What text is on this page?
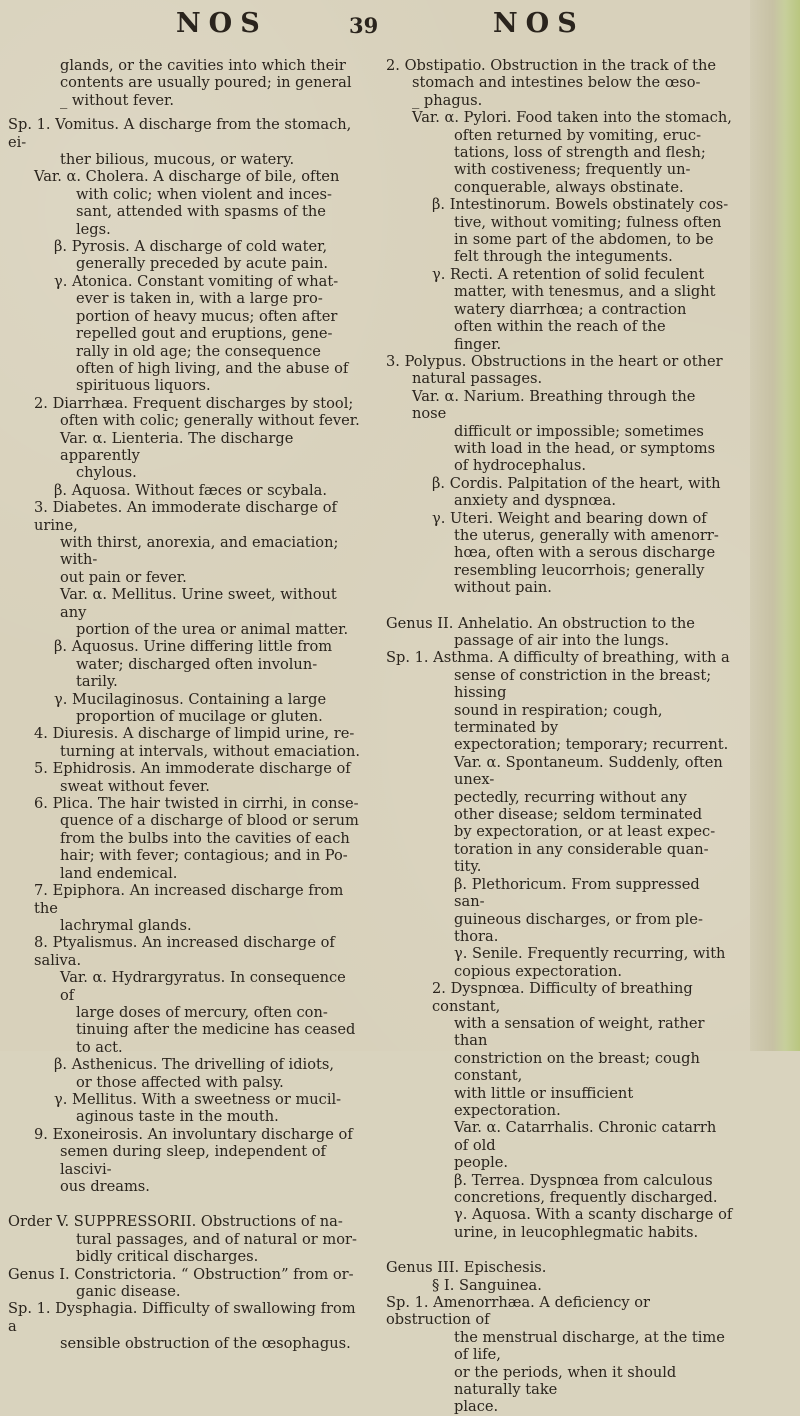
NOS	39	NOS

glands, or the cavities into which their

contents are usually poured; in general

_ without fever.

Sp. 1. Vomitus. A discharge from the stomach, ei-

ther bilious, mucous, or watery.

Var. α. Cholera. A discharge of bile, often

with colic; when violent and inces-

sant, attended with spasms of the

legs.

β. Pyrosis. A discharge of cold water,

generally preceded by acute pain.

γ. Atonica. Constant vomiting of what-

ever is taken in, with a large pro-

portion of heavy mucus; often after

repelled gout and eruptions, gene-

rally in old age; the consequence

often of high living, and the abuse of

spirituous liquors.

2. Diarrhæa. Frequent discharges by stool;

often with colic; generally without fever.

Var. α. Lienteria. The discharge apparently

chylous.

β. Aquosa. Without fæces or scybala.

3. Diabetes. An immoderate discharge of urine,

with thirst, anorexia, and emaciation; with-

out pain or fever.

Var. α. Mellitus. Urine sweet, without any

portion of the urea or animal matter.

β. Aquosus. Urine differing little from

water; discharged often involun-

tarily.

γ. Mucilaginosus. Containing a large

proportion of mucilage or gluten.

4. Diuresis. A discharge of limpid urine, re-

turning at intervals, without emaciation.

5. Ephidrosis. An immoderate discharge of

sweat without fever.

6. Plica. The hair twisted in cirrhi, in conse-

quence of a discharge of blood or serum

from the bulbs into the cavities of each

hair; with fever; contagious; and in Po-

land endemical.

7. Epiphora. An increased discharge from the

lachrymal glands.

8. Ptyalismus. An increased discharge of saliva.

Var. α. Hydrargyratus. In consequence of

large doses of mercury, often con-

tinuing after the medicine has ceased

to act.

β. Asthenicus. The drivelling of idiots,

or those affected with palsy.

γ. Mellitus. With a sweetness or mucil-

aginous taste in the mouth.

9. Exoneirosis. An involuntary discharge of

semen during sleep, independent of lascivi-

ous dreams.

Order V. SUPPRESSORII. Obstructions of na-

tural passages, and of natural or mor-

bidly critical discharges.

Genus I. Constrictoria. “ Obstruction” from or-

ganic disease.

Sp. 1. Dysphagia. Difficulty of swallowing from a

sensible obstruction of the œsophagus.

2. Obstipatio. Obstruction in the track of the

stomach and intestines below the œso-

_ phagus.

Var. α. Pylori. Food taken into the stomach,

often returned by vomiting, eruc-

tations, loss of strength and flesh;

with costiveness; frequently un-

conquerable, always obstinate.

β. Intestinorum. Bowels obstinately cos-

tive, without vomiting; fulness often

in some part of the abdomen, to be

felt through the integuments.

γ. Recti. A retention of solid feculent

matter, with tenesmus, and a slight

watery diarrhœa; a contraction

often within the reach of the

finger.

3. Polypus. Obstructions in the heart or other

natural passages.

Var. α. Narium. Breathing through the nose

difficult or impossible; sometimes

with load in the head, or symptoms

of hydrocephalus.

β. Cordis. Palpitation of the heart, with

anxiety and dyspnœa.

γ. Uteri. Weight and bearing down of

the uterus, generally with amenorr-

hœa, often with a serous discharge

resembling leucorrhois; generally

without pain.

Genus II. Anhelatio. An obstruction to the

passage of air into the lungs.

Sp. 1. Asthma. A difficulty of breathing, with a

sense of constriction in the breast; hissing

sound in respiration; cough, terminated by

expectoration; temporary; recurrent.

Var. α. Spontaneum. Suddenly, often unex-

pectedly, recurring without any

other disease; seldom terminated

by expectoration, or at least expec-

toration in any considerable quan-

tity.

β. Plethoricum. From suppressed san-

guineous discharges, or from ple-

thora.

γ. Senile. Frequently recurring, with

copious expectoration.

2. Dyspnœa. Difficulty of breathing constant,

with a sensation of weight, rather than

constriction on the breast; cough constant,

with little or insufficient expectoration.

Var. α. Catarrhalis. Chronic catarrh of old

people.

β. Terrea. Dyspnœa from calculous

concretions, frequently discharged.

γ. Aquosa. With a scanty discharge of

urine, in leucophlegmatic habits.

Genus III. Epischesis.

§ I. Sanguinea.

Sp. 1. Amenorrhæa. A deficiency or obstruction of

the menstrual discharge, at the time of life,

or the periods, when it should naturally take

place.
